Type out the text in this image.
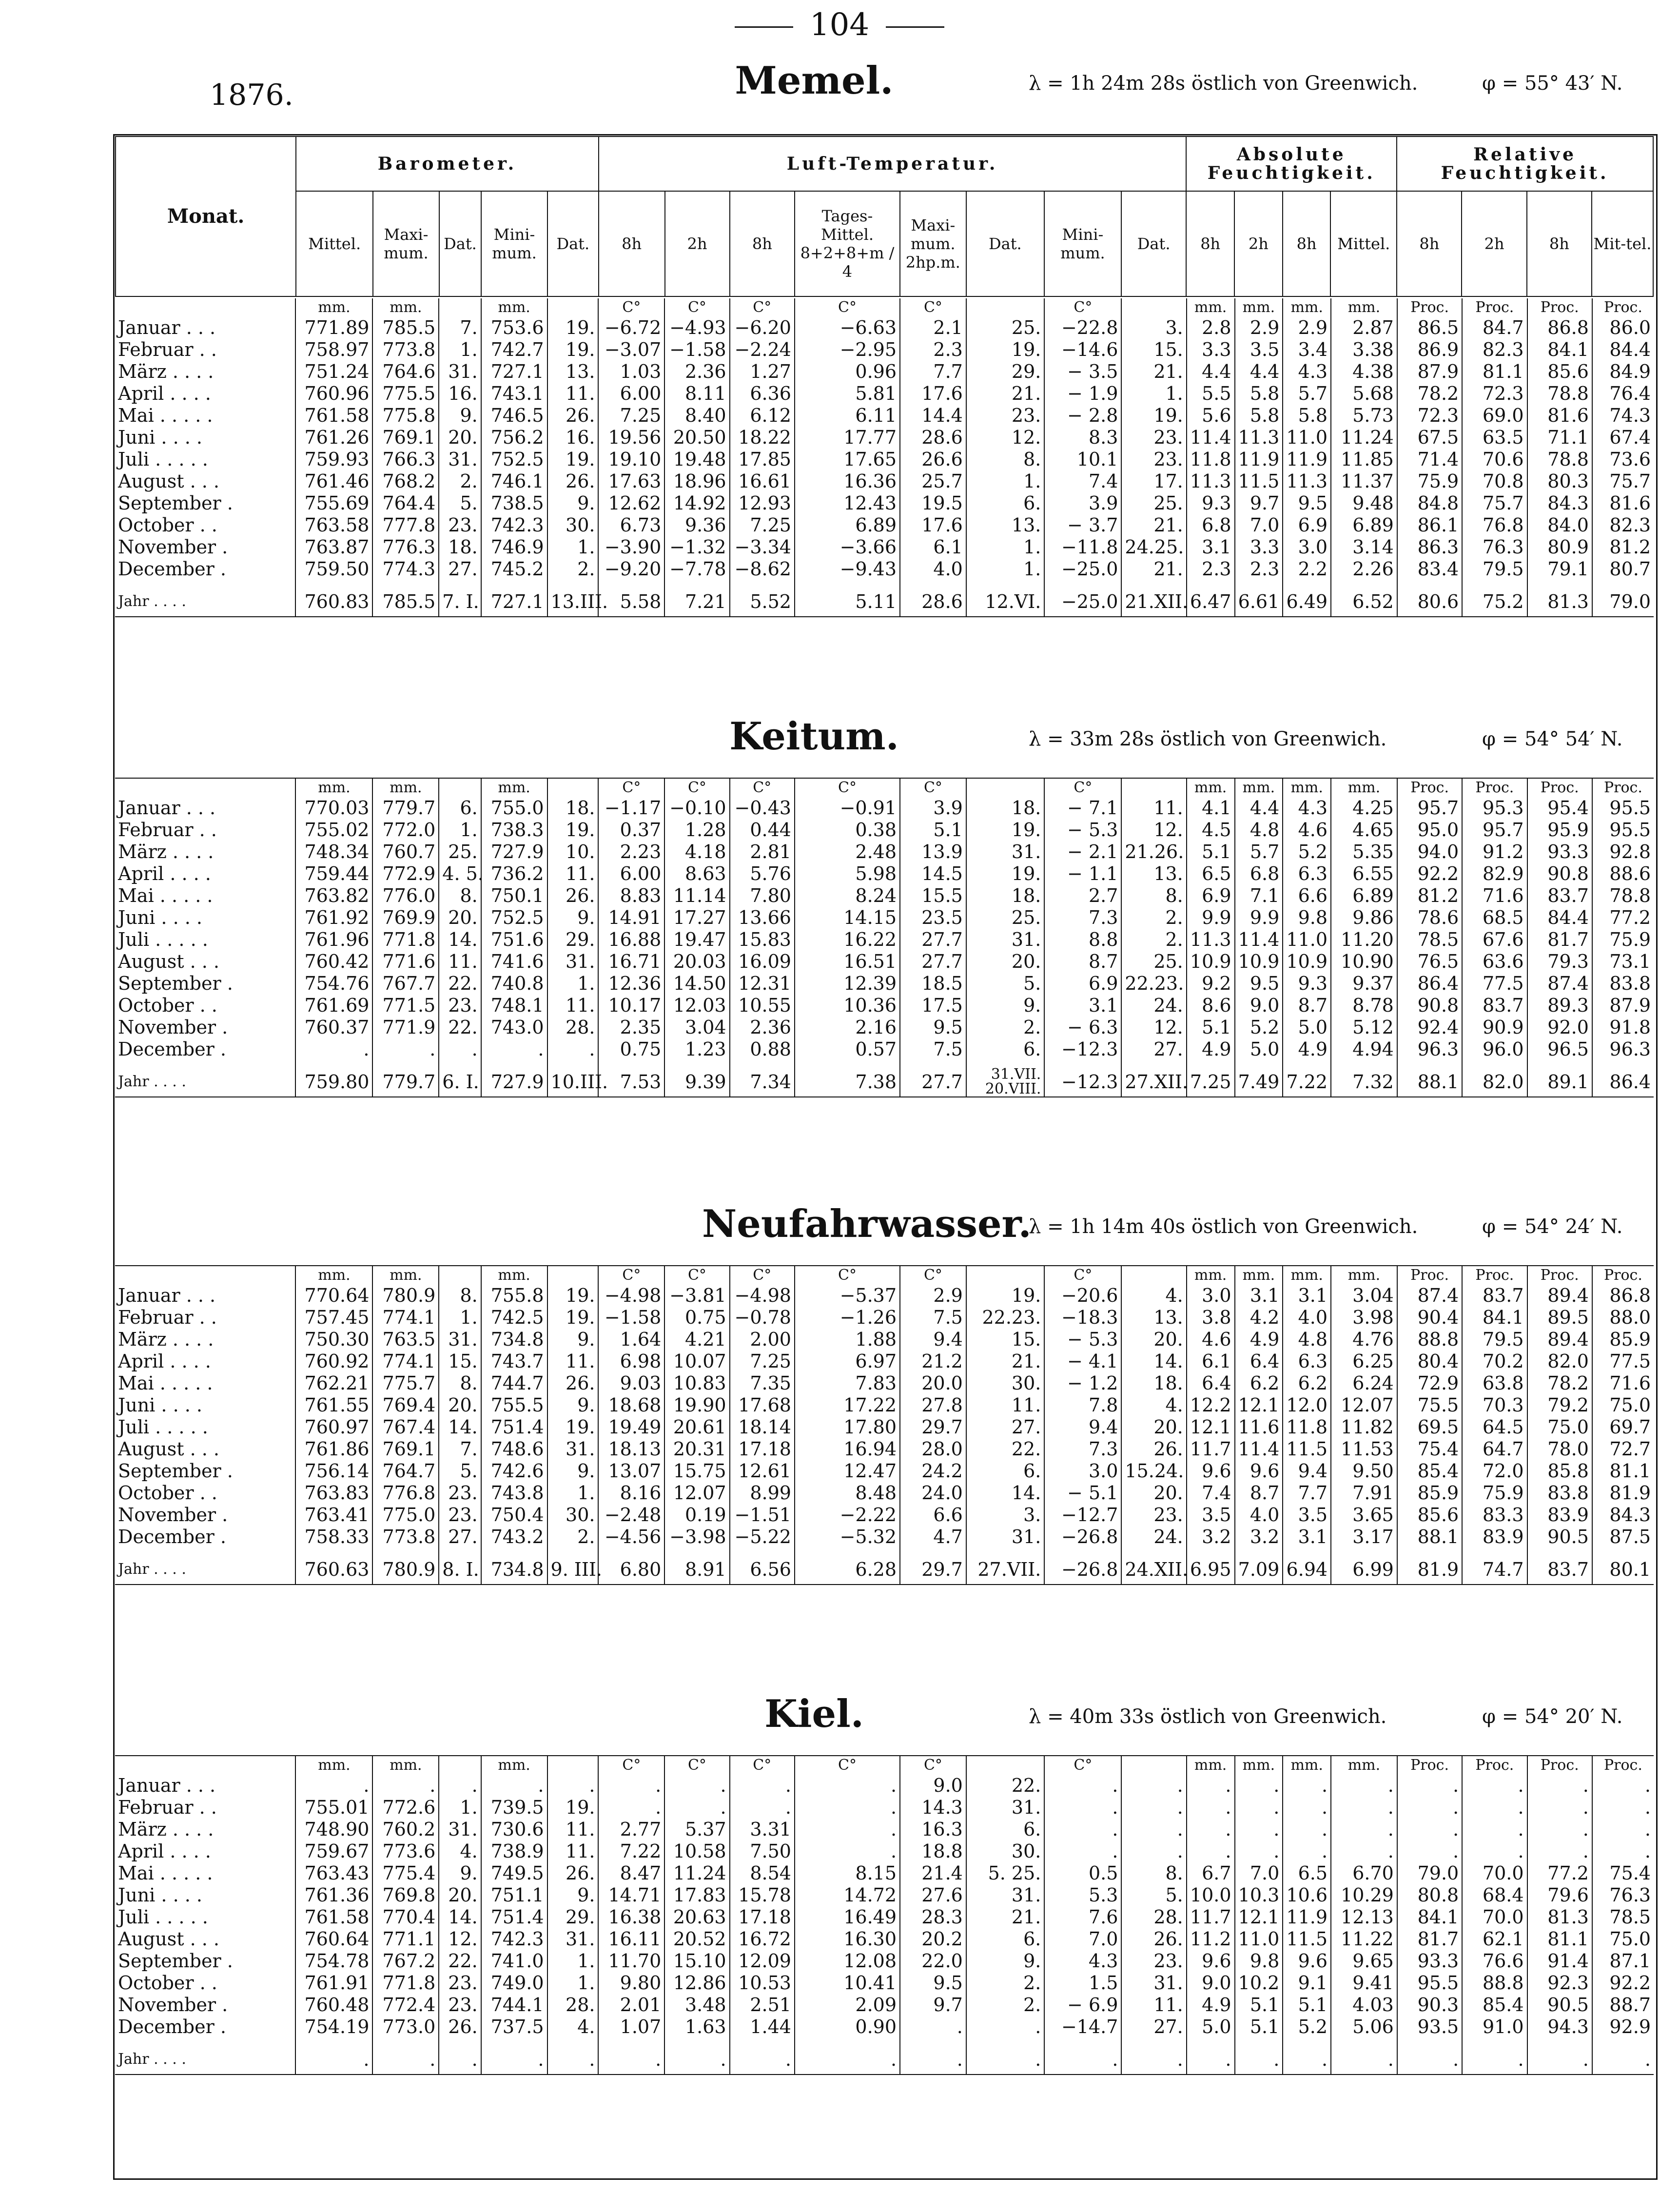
104
1876.
Monat.	Barometer.					Luft-Temperatur.								Absolute Feuchtigkeit.				Relative Feuchtigkeit.			
	Mittel.	Maxi-mum.	Dat.	Mini-mum.	Dat.	8h	2h	8h	Tages-Mittel. 8+2+8+m / 4	Maxi-mum. 2hp.m.	Dat.	Mini-mum.	Dat.	8h	2h	8h	Mittel.	8h	2h	8h	Mit-tel.
Memel.	λ = 1h 24m 28s östlich von Greenwich.	φ = 55° 43′ N.
	mm.	mm.		mm.		C°	C°	C°	C°	C°		C°		mm.	mm.	mm.	mm.	Proc.	Proc.	Proc.	Proc.
Januar . . .	771.89	785.5	7.	753.6	19.	−6.72	−4.93	−6.20	−6.63	2.1	25.	−22.8	3.	2.8	2.9	2.9	2.87	86.5	84.7	86.8	86.0
Februar . .	758.97	773.8	1.	742.7	19.	−3.07	−1.58	−2.24	−2.95	2.3	19.	−14.6	15.	3.3	3.5	3.4	3.38	86.9	82.3	84.1	84.4
März . . . .	751.24	764.6	31.	727.1	13.	1.03	2.36	1.27	0.96	7.7	29.	− 3.5	21.	4.4	4.4	4.3	4.38	87.9	81.1	85.6	84.9
April . . . .	760.96	775.5	16.	743.1	11.	6.00	8.11	6.36	5.81	17.6	21.	− 1.9	1.	5.5	5.8	5.7	5.68	78.2	72.3	78.8	76.4
Mai . . . . .	761.58	775.8	9.	746.5	26.	7.25	8.40	6.12	6.11	14.4	23.	− 2.8	19.	5.6	5.8	5.8	5.73	72.3	69.0	81.6	74.3
Juni . . . .	761.26	769.1	20.	756.2	16.	19.56	20.50	18.22	17.77	28.6	12.	8.3	23.	11.4	11.3	11.0	11.24	67.5	63.5	71.1	67.4
Juli . . . . .	759.93	766.3	31.	752.5	19.	19.10	19.48	17.85	17.65	26.6	8.	10.1	23.	11.8	11.9	11.9	11.85	71.4	70.6	78.8	73.6
August . . .	761.46	768.2	2.	746.1	26.	17.63	18.96	16.61	16.36	25.7	1.	7.4	17.	11.3	11.5	11.3	11.37	75.9	70.8	80.3	75.7
September .	755.69	764.4	5.	738.5	9.	12.62	14.92	12.93	12.43	19.5	6.	3.9	25.	9.3	9.7	9.5	9.48	84.8	75.7	84.3	81.6
October . .	763.58	777.8	23.	742.3	30.	6.73	9.36	7.25	6.89	17.6	13.	− 3.7	21.	6.8	7.0	6.9	6.89	86.1	76.8	84.0	82.3
November .	763.87	776.3	18.	746.9	1.	−3.90	−1.32	−3.34	−3.66	6.1	1.	−11.8	24.25.	3.1	3.3	3.0	3.14	86.3	76.3	80.9	81.2
December .	759.50	774.3	27.	745.2	2.	−9.20	−7.78	−8.62	−9.43	4.0	1.	−25.0	21.	2.3	2.3	2.2	2.26	83.4	79.5	79.1	80.7

Jahr . . . .	760.83	785.5	7. I.	727.1	13.III.	5.58	7.21	5.52	5.11	28.6	12.VI.	−25.0	21.XII.	6.47	6.61	6.49	6.52	80.6	75.2	81.3	79.0
Keitum.	λ = 33m 28s östlich von Greenwich.	φ = 54° 54′ N.
	mm.	mm.		mm.		C°	C°	C°	C°	C°		C°		mm.	mm.	mm.	mm.	Proc.	Proc.	Proc.	Proc.
Januar . . .	770.03	779.7	6.	755.0	18.	−1.17	−0.10	−0.43	−0.91	3.9	18.	− 7.1	11.	4.1	4.4	4.3	4.25	95.7	95.3	95.4	95.5
Februar . .	755.02	772.0	1.	738.3	19.	0.37	1.28	0.44	0.38	5.1	19.	− 5.3	12.	4.5	4.8	4.6	4.65	95.0	95.7	95.9	95.5
März . . . .	748.34	760.7	25.	727.9	10.	2.23	4.18	2.81	2.48	13.9	31.	− 2.1	21.26.	5.1	5.7	5.2	5.35	94.0	91.2	93.3	92.8
April . . . .	759.44	772.9	4. 5.	736.2	11.	6.00	8.63	5.76	5.98	14.5	19.	− 1.1	13.	6.5	6.8	6.3	6.55	92.2	82.9	90.8	88.6
Mai . . . . .	763.82	776.0	8.	750.1	26.	8.83	11.14	7.80	8.24	15.5	18.	2.7	8.	6.9	7.1	6.6	6.89	81.2	71.6	83.7	78.8
Juni . . . .	761.92	769.9	20.	752.5	9.	14.91	17.27	13.66	14.15	23.5	25.	7.3	2.	9.9	9.9	9.8	9.86	78.6	68.5	84.4	77.2
Juli . . . . .	761.96	771.8	14.	751.6	29.	16.88	19.47	15.83	16.22	27.7	31.	8.8	2.	11.3	11.4	11.0	11.20	78.5	67.6	81.7	75.9
August . . .	760.42	771.6	11.	741.6	31.	16.71	20.03	16.09	16.51	27.7	20.	8.7	25.	10.9	10.9	10.9	10.90	76.5	63.6	79.3	73.1
September .	754.76	767.7	22.	740.8	1.	12.36	14.50	12.31	12.39	18.5	5.	6.9	22.23.	9.2	9.5	9.3	9.37	86.4	77.5	87.4	83.8
October . .	761.69	771.5	23.	748.1	11.	10.17	12.03	10.55	10.36	17.5	9.	3.1	24.	8.6	9.0	8.7	8.78	90.8	83.7	89.3	87.9
November .	760.37	771.9	22.	743.0	28.	2.35	3.04	2.36	2.16	9.5	2.	− 6.3	12.	5.1	5.2	5.0	5.12	92.4	90.9	92.0	91.8
December .	.	.	.	.	.	0.75	1.23	0.88	0.57	7.5	6.	−12.3	27.	4.9	5.0	4.9	4.94	96.3	96.0	96.5	96.3

Jahr . . . .	759.80	779.7	6. I.	727.9	10.III.	7.53	9.39	7.34	7.38	27.7	31.VII. 20.VIII.	−12.3	27.XII.	7.25	7.49	7.22	7.32	88.1	82.0	89.1	86.4
Neufahrwasser.
λ = 1h 14m 40s östlich von Greenwich.	φ = 54° 24′ N.
	mm.	mm.		mm.		C°	C°	C°	C°	C°		C°		mm.	mm.	mm.	mm.	Proc.	Proc.	Proc.	Proc.
Januar . . .	770.64	780.9	8.	755.8	19.	−4.98	−3.81	−4.98	−5.37	2.9	19.	−20.6	4.	3.0	3.1	3.1	3.04	87.4	83.7	89.4	86.8
Februar . .	757.45	774.1	1.	742.5	19.	−1.58	0.75	−0.78	−1.26	7.5	22.23.	−18.3	13.	3.8	4.2	4.0	3.98	90.4	84.1	89.5	88.0
März . . . .	750.30	763.5	31.	734.8	9.	1.64	4.21	2.00	1.88	9.4	15.	− 5.3	20.	4.6	4.9	4.8	4.76	88.8	79.5	89.4	85.9
April . . . .	760.92	774.1	15.	743.7	11.	6.98	10.07	7.25	6.97	21.2	21.	− 4.1	14.	6.1	6.4	6.3	6.25	80.4	70.2	82.0	77.5
Mai . . . . .	762.21	775.7	8.	744.7	26.	9.03	10.83	7.35	7.83	20.0	30.	− 1.2	18.	6.4	6.2	6.2	6.24	72.9	63.8	78.2	71.6
Juni . . . .	761.55	769.4	20.	755.5	9.	18.68	19.90	17.68	17.22	27.8	11.	7.8	4.	12.2	12.1	12.0	12.07	75.5	70.3	79.2	75.0
Juli . . . . .	760.97	767.4	14.	751.4	19.	19.49	20.61	18.14	17.80	29.7	27.	9.4	20.	12.1	11.6	11.8	11.82	69.5	64.5	75.0	69.7
August . . .	761.86	769.1	7.	748.6	31.	18.13	20.31	17.18	16.94	28.0	22.	7.3	26.	11.7	11.4	11.5	11.53	75.4	64.7	78.0	72.7
September .	756.14	764.7	5.	742.6	9.	13.07	15.75	12.61	12.47	24.2	6.	3.0	15.24.	9.6	9.6	9.4	9.50	85.4	72.0	85.8	81.1
October . .	763.83	776.8	23.	743.8	1.	8.16	12.07	8.99	8.48	24.0	14.	− 5.1	20.	7.4	8.7	7.7	7.91	85.9	75.9	83.8	81.9
November .	763.41	775.0	23.	750.4	30.	−2.48	0.19	−1.51	−2.22	6.6	3.	−12.7	23.	3.5	4.0	3.5	3.65	85.6	83.3	83.9	84.3
December .	758.33	773.8	27.	743.2	2.	−4.56	−3.98	−5.22	−5.32	4.7	31.	−26.8	24.	3.2	3.2	3.1	3.17	88.1	83.9	90.5	87.5

Jahr . . . .	760.63	780.9	8. I.	734.8	9. III.	6.80	8.91	6.56	6.28	29.7	27.VII.	−26.8	24.XII.	6.95	7.09	6.94	6.99	81.9	74.7	83.7	80.1
Kiel.	λ = 40m 33s östlich von Greenwich.	φ = 54° 20′ N.
	mm.	mm.		mm.		C°	C°	C°	C°	C°		C°		mm.	mm.	mm.	mm.	Proc.	Proc.	Proc.	Proc.
Januar . . .	.	.	.	.	.	.	.	.	.	9.0	22.	.	.	.	.	.	.	.	.	.	.
Februar . .	755.01	772.6	1.	739.5	19.	.	.	.	.	14.3	31.	.	.	.	.	.	.	.	.	.	.
März . . . .	748.90	760.2	31.	730.6	11.	2.77	5.37	3.31	.	16.3	6.	.	.	.	.	.	.	.	.	.	.
April . . . .	759.67	773.6	4.	738.9	11.	7.22	10.58	7.50	.	18.8	30.	.	.	.	.	.	.	.	.	.	.
Mai . . . . .	763.43	775.4	9.	749.5	26.	8.47	11.24	8.54	8.15	21.4	5. 25.	0.5	8.	6.7	7.0	6.5	6.70	79.0	70.0	77.2	75.4
Juni . . . .	761.36	769.8	20.	751.1	9.	14.71	17.83	15.78	14.72	27.6	31.	5.3	5.	10.0	10.3	10.6	10.29	80.8	68.4	79.6	76.3
Juli . . . . .	761.58	770.4	14.	751.4	29.	16.38	20.63	17.18	16.49	28.3	21.	7.6	28.	11.7	12.1	11.9	12.13	84.1	70.0	81.3	78.5
August . . .	760.64	771.1	12.	742.3	31.	16.11	20.52	16.72	16.30	20.2	6.	7.0	26.	11.2	11.0	11.5	11.22	81.7	62.1	81.1	75.0
September .	754.78	767.2	22.	741.0	1.	11.70	15.10	12.09	12.08	22.0	9.	4.3	23.	9.6	9.8	9.6	9.65	93.3	76.6	91.4	87.1
October . .	761.91	771.8	23.	749.0	1.	9.80	12.86	10.53	10.41	9.5	2.	1.5	31.	9.0	10.2	9.1	9.41	95.5	88.8	92.3	92.2
November .	760.48	772.4	23.	744.1	28.	2.01	3.48	2.51	2.09	9.7	2.	− 6.9	11.	4.9	5.1	5.1	4.03	90.3	85.4	90.5	88.7
December .	754.19	773.0	26.	737.5	4.	1.07	1.63	1.44	0.90	.	.	−14.7	27.	5.0	5.1	5.2	5.06	93.5	91.0	94.3	92.9

Jahr . . . .	.	.	.	.	.	.	.	.	.	.	.	.	.	.	.	.	.	.	.	.	.
